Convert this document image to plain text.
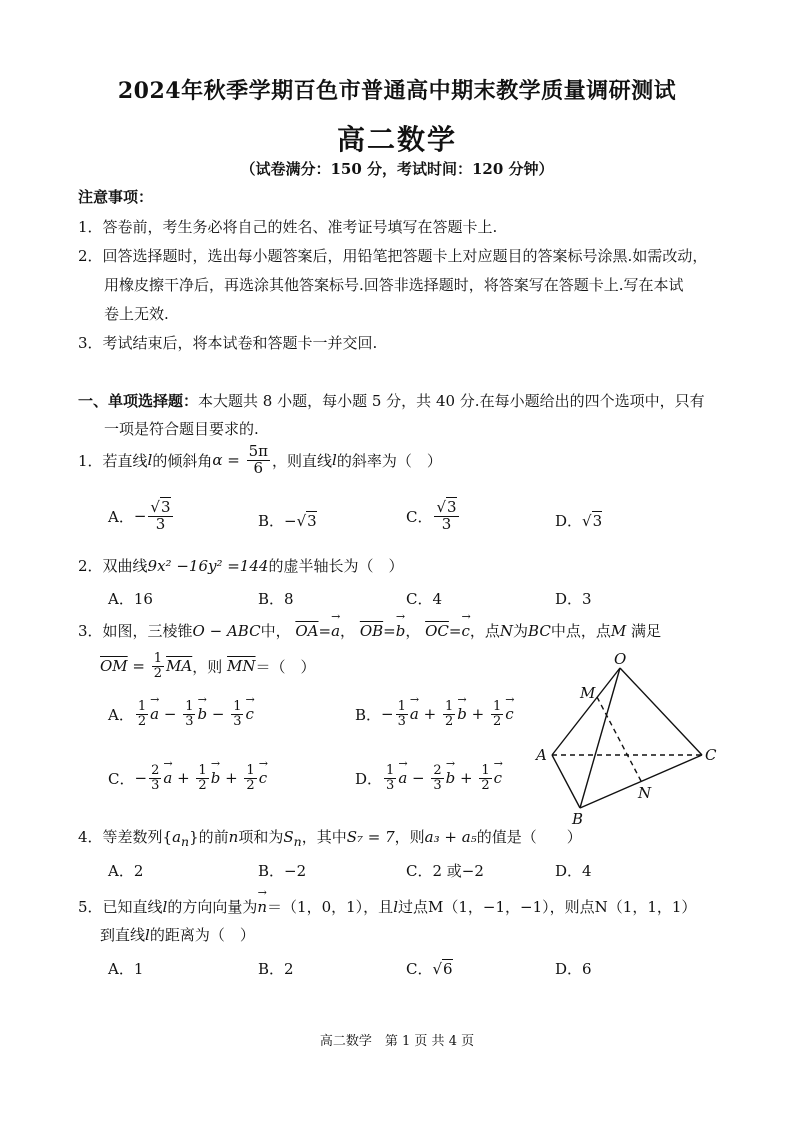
2024年秋季学期百色市普通高中期末教学质量调研测试
高二数学
（试卷满分：150 分，考试时间：120 分钟）
注意事项：
1．答卷前，考生务必将自己的姓名、准考证号填写在答题卡上.
2．回答选择题时，选出每小题答案后，用铅笔把答题卡上对应题目的答案标号涂黑.如需改动，
用橡皮擦干净后，再选涂其他答案标号.回答非选择题时，将答案写在答题卡上.写在本试
卷上无效.
3．考试结束后，将本试卷和答题卡一并交回.
一、单项选择题：本大题共 8 小题，每小题 5 分，共 40 分.在每小题给出的四个选项中，只有
一项是符合题目要求的.
1．若直线 l 的倾斜角 $\alpha = \frac{5\pi}{6}$ ，则直线 l 的斜率为（　）
A． − $\frac{√3}{3}$	B．−√3	C． $\frac{√3}{3}$	D．√3
2．双曲线9x² −16y² =144的虚半轴长为（　）
A．16	B．8	C．4	D．3
3．如图，三棱锥O − ABC中， $\overline{OA}=\to a$， $\overline{OB}=\to b$， $\overline{OC}=\to c$，点N为BC中点，点M 满足
$\overline{OM} = \frac{1}{2} \overline{MA}$ ，则
$\overline{MN}$ ＝（　）
A． $\frac{1}{2} \to a - \frac{1}{3} \to b - \frac{1}{3} \to c$	B． − $\frac{1}{3} \to a + \frac{1}{2} \to b + \frac{1}{2} \to c$
C． − $\frac{2}{3} \to a + \frac{1}{2} \to b + \frac{1}{2} \to c$	D． $\frac{1}{3} \to a - \frac{2}{3} \to b + \frac{1}{2} \to c$
O
M
A	C
N
B
4．等差数列$\{a_n\}$的前n项和为$S_n$，其中S₇ = 7，则a₃ + a₅的值是（　　）
A．2	B．−2	C．2 或−2	D．4
5．已知直线l的方向向量为→ n＝（1，0，1），且l过点M（1，−1，−1），则点N（1，1，1）
到直线l的距离为（　）
A．1	B．2	C．√6	D．6
高二数学　第 1 页 共 4 页
